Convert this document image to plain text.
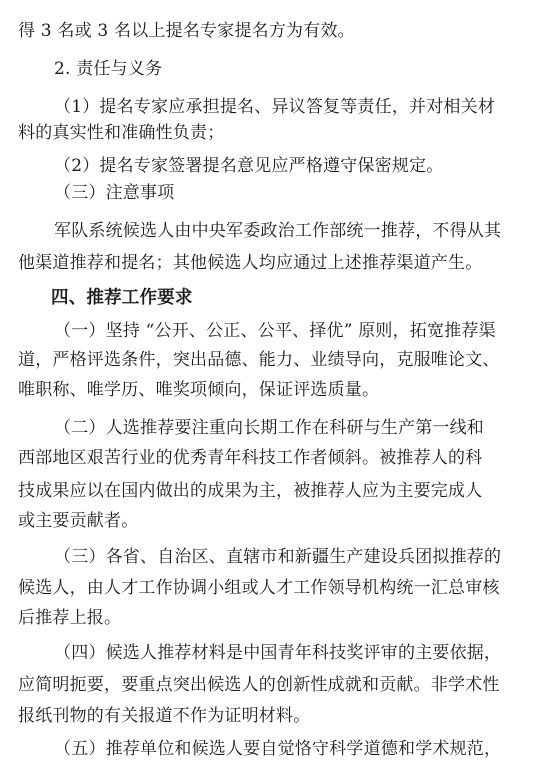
得 3 名或 3 名以上提名专家提名方为有效。
2. 责任与义务
（1）提名专家应承担提名、异议答复等责任，并对相关材
料的真实性和准确性负责；
（2）提名专家签署提名意见应严格遵守保密规定。
（三）注意事项
军队系统候选人由中央军委政治工作部统一推荐，不得从其
他渠道推荐和提名；其他候选人均应通过上述推荐渠道产生。
四、推荐工作要求
（一）坚持 “公开、公正、公平、择优” 原则，拓宽推荐渠
道，严格评选条件，突出品德、能力、业绩导向，克服唯论文、
唯职称、唯学历、唯奖项倾向，保证评选质量。
（二）人选推荐要注重向长期工作在科研与生产第一线和
西部地区艰苦行业的优秀青年科技工作者倾斜。被推荐人的科
技成果应以在国内做出的成果为主，被推荐人应为主要完成人
或主要贡献者。
（三）各省、自治区、直辖市和新疆生产建设兵团拟推荐的
候选人，由人才工作协调小组或人才工作领导机构统一汇总审核
后推荐上报。
（四）候选人推荐材料是中国青年科技奖评审的主要依据，
应简明扼要，要重点突出候选人的创新性成就和贡献。非学术性
报纸刊物的有关报道不作为证明材料。
（五）推荐单位和候选人要自觉恪守科学道德和学术规范，
